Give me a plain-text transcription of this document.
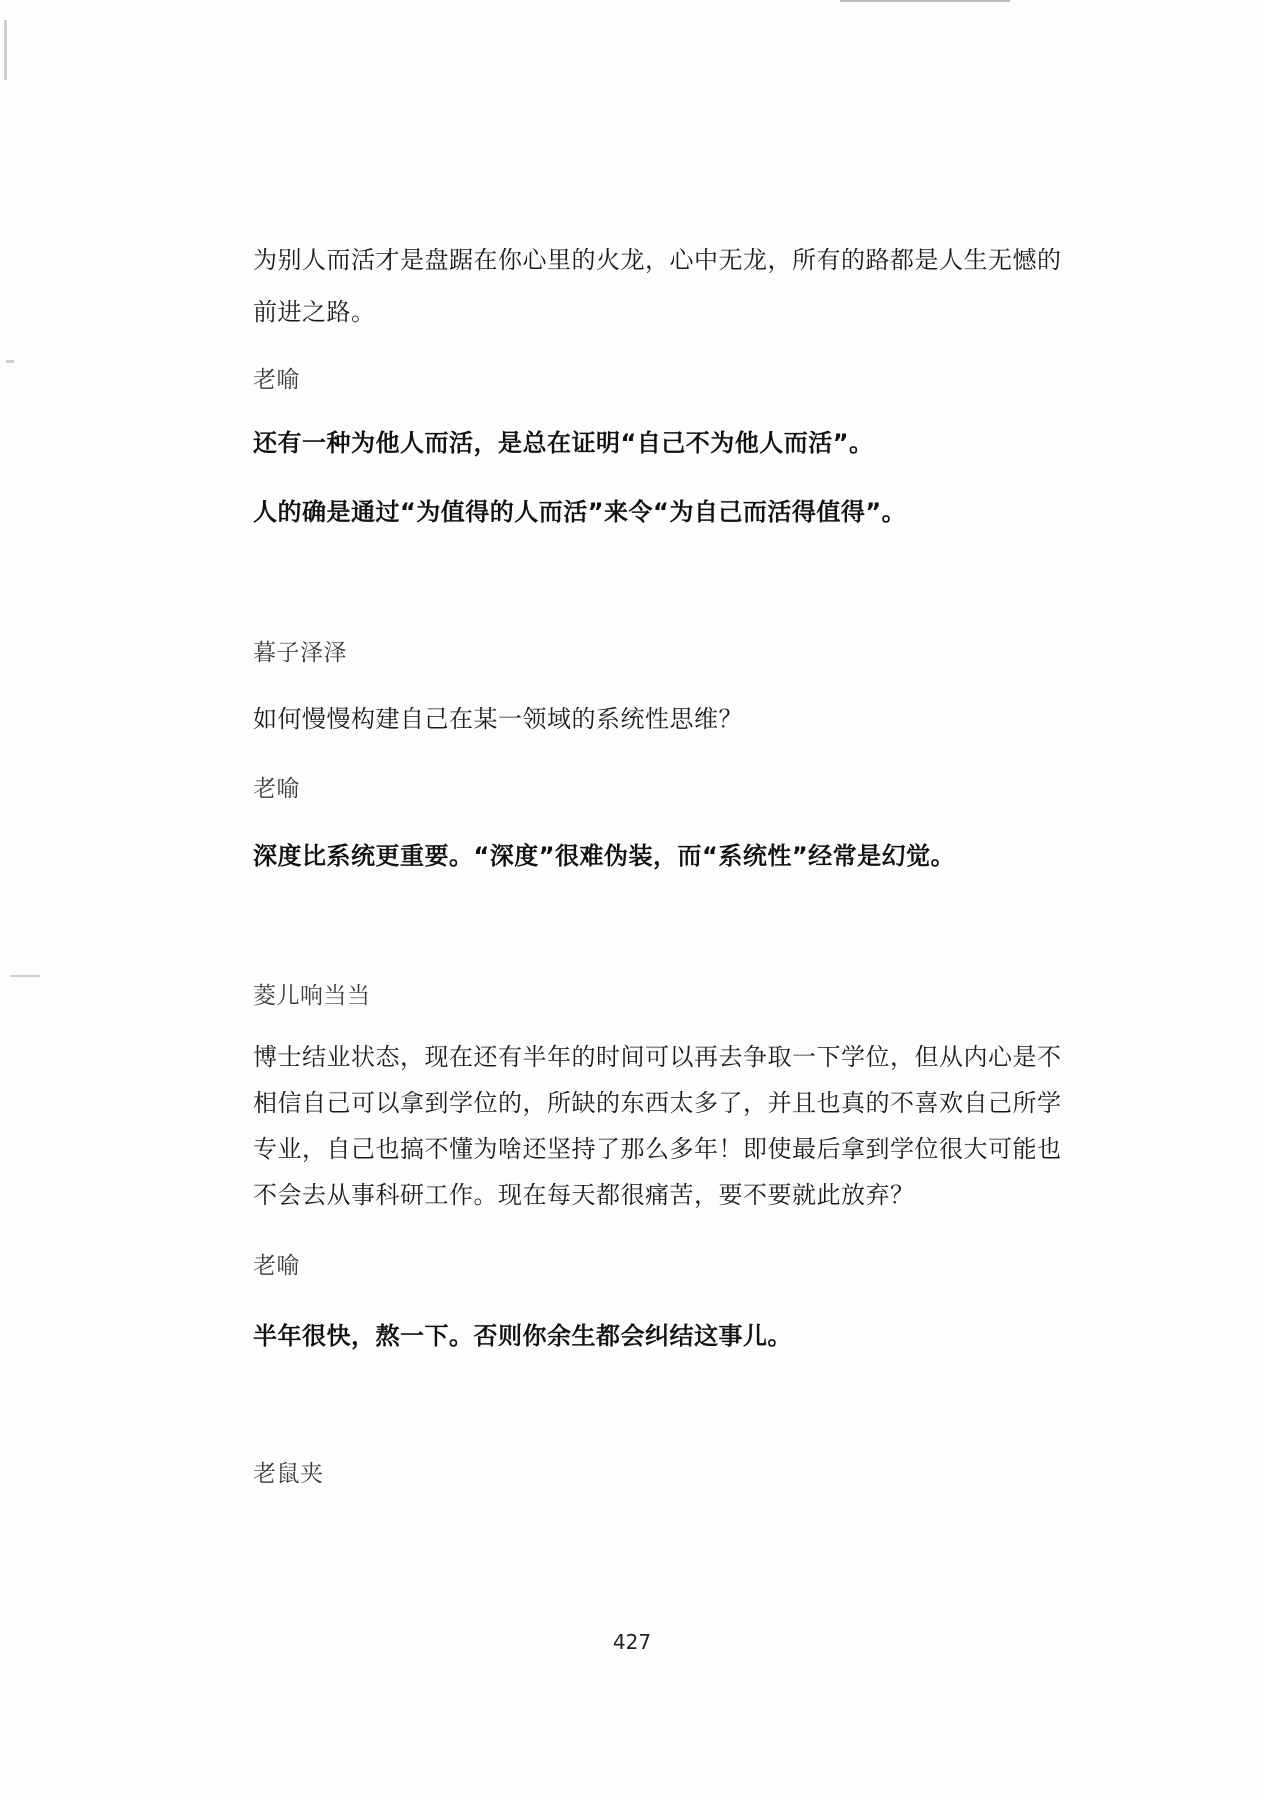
为别人而活才是盘踞在你心里的火龙，心中无龙，所有的路都是人生无憾的
前进之路。
老喻
还有一种为他人而活，是总在证明“自己不为他人而活”。
人的确是通过“为值得的人而活”来令“为自己而活得值得”。
暮子泽泽
如何慢慢构建自己在某一领域的系统性思维？
老喻
深度比系统更重要。“深度”很难伪装，而“系统性”经常是幻觉。
菱儿响当当
博士结业状态，现在还有半年的时间可以再去争取一下学位，但从内心是不
相信自己可以拿到学位的，所缺的东西太多了，并且也真的不喜欢自己所学
专业，自己也搞不懂为啥还坚持了那么多年！即使最后拿到学位很大可能也
不会去从事科研工作。现在每天都很痛苦，要不要就此放弃？
老喻
半年很快，熬一下。否则你余生都会纠结这事儿。
老鼠夹
427
